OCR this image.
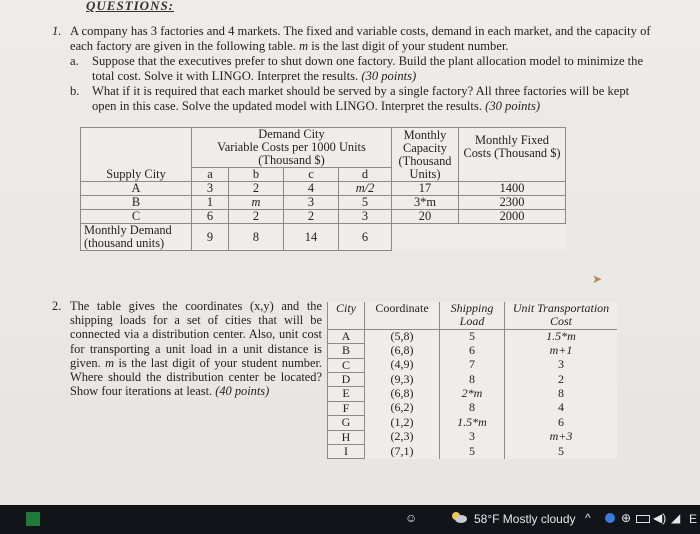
QUESTIONS:
1. A company has 3 factories and 4 markets. The fixed and variable costs, demand in each market, and the capacity of each factory are given in the following table. m is the last digit of your student number.
a. Suppose that the executives prefer to shut down one factory. Build the plant allocation model to minimize the total cost. Solve it with LINGO. Interpret the results. (30 points)
b. What if it is required that each market should be served by a single factory? All three factories will be kept open in this case. Solve the updated model with LINGO. Interpret the results. (30 points)

	Demand City
Variable Costs per 1000 Units
(Thousand $)				Monthly Capacity (Thousand Units)	Monthly Fixed Costs (Thousand $)
Supply City	a	b	c	d		
A	3	2	4	m/2	17	1400
B	1	m	3	5	3*m	2300
C	6	2	2	3	20	2000
Monthly Demand (thousand units)	9	8	14	6		
➤
2. The table gives the coordinates (x,y) and the shipping loads for a set of cities that will be connected via a distribution center. Also, unit cost for transporting a unit load in a unit distance is given. m is the last digit of your student number. Where should the distribution center be located? Show four iterations at least. (40 points)
City	Coordinate	Shipping Load	Unit Transportation Cost
A	(5,8)	5	1.5*m
B	(6,8)	6	m+1
C	(4,9)	7	3
D	(9,3)	8	2
E	(6,8)	2*m	8
F	(6,2)	8	4
G	(1,2)	1.5*m	6
H	(2,3)	3	m+3
I	(7,1)	5	5
☺	58°F Mostly cloudy ^	⊕ ◀) ◢ E
